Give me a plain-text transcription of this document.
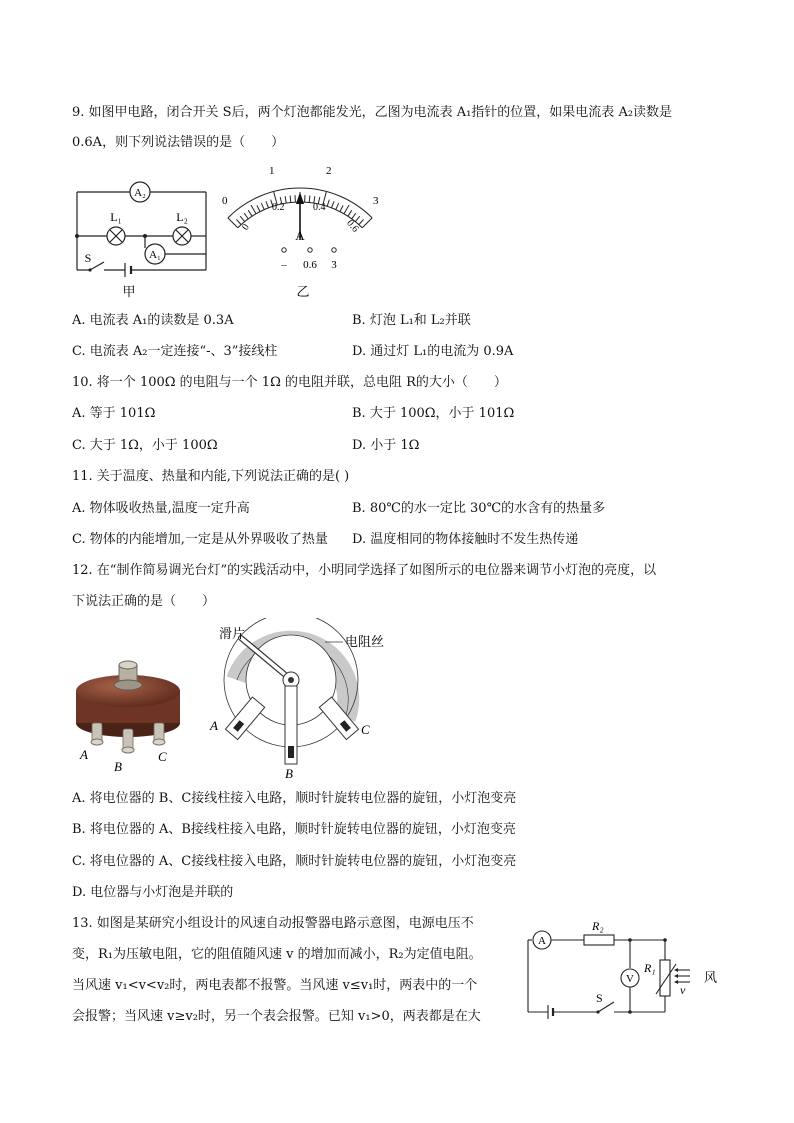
9. 如图甲电路，闭合开关 S后，两个灯泡都能发光，乙图为电流表 A₁指针的位置，如果电流表 A₂读数是
0.6A，则下列说法错误的是（　　）
A₂
L₁	L₂
A₁
S
甲
0
1	2
3
0
0.2	0.4
0.6
A
– 0.6 3
乙
A. 电流表 A₁的读数是 0.3A	B. 灯泡 L₁和 L₂并联
C. 电流表 A₂一定连接“-、3”接线柱	D. 通过灯 L₁的电流为 0.9A
10. 将一个 100Ω 的电阻与一个 1Ω 的电阻并联，总电阻 R的大小（　　）
A. 等于 101Ω	B. 大于 100Ω，小于 101Ω
C. 大于 1Ω，小于 100Ω	D. 小于 1Ω
11. 关于温度、热量和内能,下列说法正确的是( )
A. 物体吸收热量,温度一定升高	B. 80℃的水一定比 30℃的水含有的热量多
C. 物体的内能增加,一定是从外界吸收了热量 D. 温度相同的物体接触时不发生热传递
12. 在“制作简易调光台灯”的实践活动中，小明同学选择了如图所示的电位器来调节小灯泡的亮度，以
下说法正确的是（　　）
A
B
C
滑片
电阻丝
A
B
C
A. 将电位器的 B、C接线柱接入电路，顺时针旋转电位器的旋钮，小灯泡变亮
B. 将电位器的 A、B接线柱接入电路，顺时针旋转电位器的旋钮，小灯泡变亮
C. 将电位器的 A、C接线柱接入电路，顺时针旋转电位器的旋钮，小灯泡变亮
D. 电位器与小灯泡是并联的
13. 如图是某研究小组设计的风速自动报警器电路示意图，电源电压不
变，R₁为压敏电阻，它的阻值随风速 v 的增加而减小，R₂为定值电阻。
当风速 v₁<v<v₂时，两电表都不报警。当风速 v≤v₁时，两表中的一个
会报警；当风速 v≥v₂时，另一个表会报警。已知 v₁>0，两表都是在大
A
R₂
V
R₁
风
v
S
